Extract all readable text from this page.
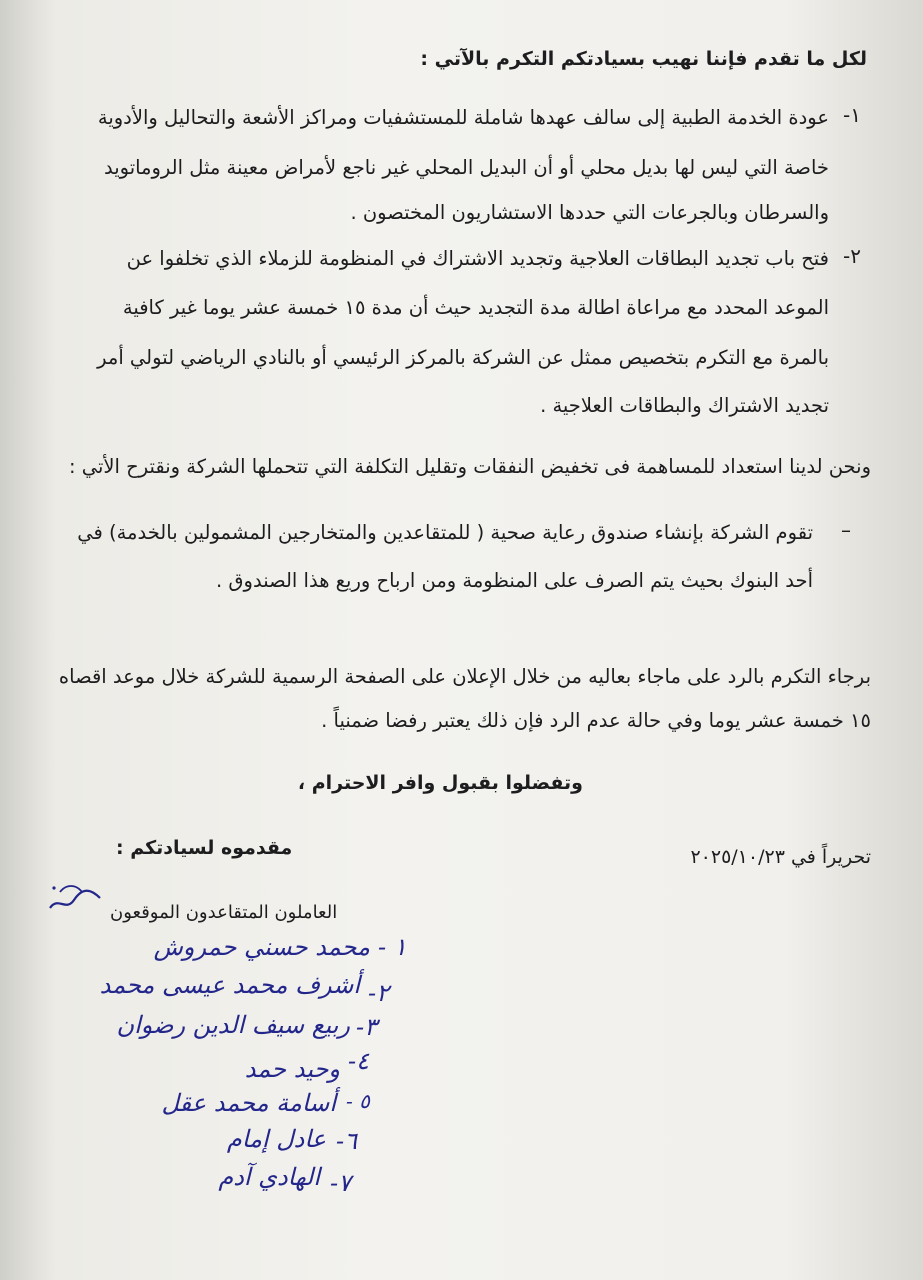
لكل ما تقدم فإننا نهيب بسيادتكم التكرم بالآتي :
١-
عودة الخدمة الطبية إلى سالف عهدها شاملة للمستشفيات ومراكز الأشعة والتحاليل والأدوية
خاصة التي ليس لها بديل محلي أو أن البديل المحلي غير ناجع لأمراض معينة مثل الروماتويد
والسرطان وبالجرعات التي حددها الاستشاريون المختصون .
٢-
فتح باب تجديد البطاقات العلاجية وتجديد الاشتراك في المنظومة للزملاء الذي تخلفوا عن
الموعد المحدد مع مراعاة اطالة مدة التجديد حيث أن مدة ١٥ خمسة عشر يوما غير كافية
بالمرة مع التكرم بتخصيص ممثل عن الشركة بالمركز الرئيسي أو بالنادي الرياضي لتولي أمر
تجديد الاشتراك والبطاقات العلاجية .
ونحن لدينا استعداد للمساهمة فى تخفيض النفقات وتقليل التكلفة التي تتحملها الشركة ونقترح الأتي :
–
تقوم الشركة بإنشاء صندوق رعاية صحية ( للمتقاعدين والمتخارجين المشمولين بالخدمة) في
أحد البنوك بحيث يتم الصرف على المنظومة ومن ارباح وريع هذا الصندوق .
برجاء التكرم بالرد على ماجاء بعاليه من خلال الإعلان على الصفحة الرسمية للشركة خلال موعد اقصاه
١٥ خمسة عشر يوما وفي حالة عدم الرد فإن ذلك يعتبر رفضا ضمنياً .
وتفضلوا بقبول وافر الاحترام ،
مقدموه لسيادتكم :	تحريراً في ٢٠٢٥/١٠/٢٣
العاملون المتقاعدون الموقعون
١ -
محمد حسني حمروش
٢-
أشرف محمد عيسى محمد
٣-
ربيع سيف الدين رضوان
٤-
وحيد حمد
٥ -
أسامة محمد عقل
٦-
عادل إمام
٧-
الهادي آدم
